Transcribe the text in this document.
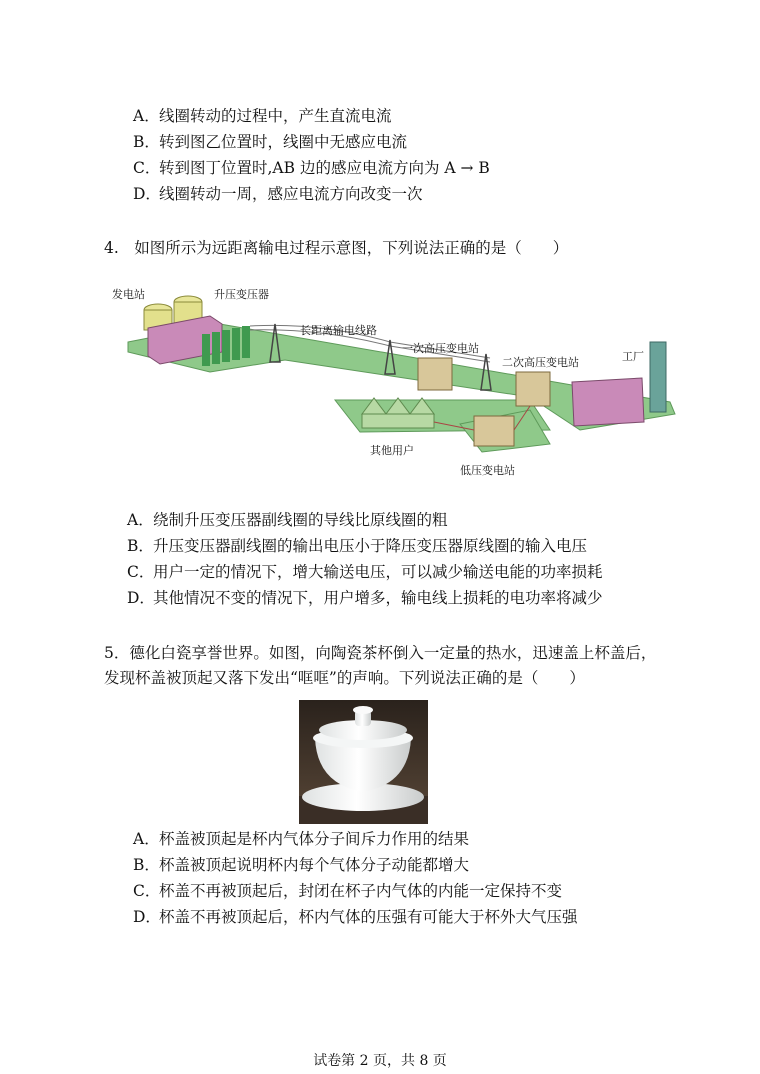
A．线圈转动的过程中，产生直流电流
B．转到图乙位置时，线圈中无感应电流
C．转到图丁位置时,AB 边的感应电流方向为 A → B
D．线圈转动一周，感应电流方向改变一次
4.　如图所示为远距离输电过程示意图，下列说法正确的是（　　）
发电站	升压变压器
长距离输电线路
一次高压变电站
二次高压变电站	工厂
其他用户
低压变电站
A．绕制升压变压器副线圈的导线比原线圈的粗
B．升压变压器副线圈的输出电压小于降压变压器原线圈的输入电压
C．用户一定的情况下，增大输送电压，可以减少输送电能的功率损耗
D．其他情况不变的情况下，用户增多，输电线上损耗的电功率将减少
5．德化白瓷享誉世界。如图，向陶瓷茶杯倒入一定量的热水，迅速盖上杯盖后，
发现杯盖被顶起又落下发出“哐哐”的声响。下列说法正确的是（　　）
A．杯盖被顶起是杯内气体分子间斥力作用的结果
B．杯盖被顶起说明杯内每个气体分子动能都增大
C．杯盖不再被顶起后，封闭在杯子内气体的内能一定保持不变
D．杯盖不再被顶起后，杯内气体的压强有可能大于杯外大气压强
试卷第 2 页，共 8 页
